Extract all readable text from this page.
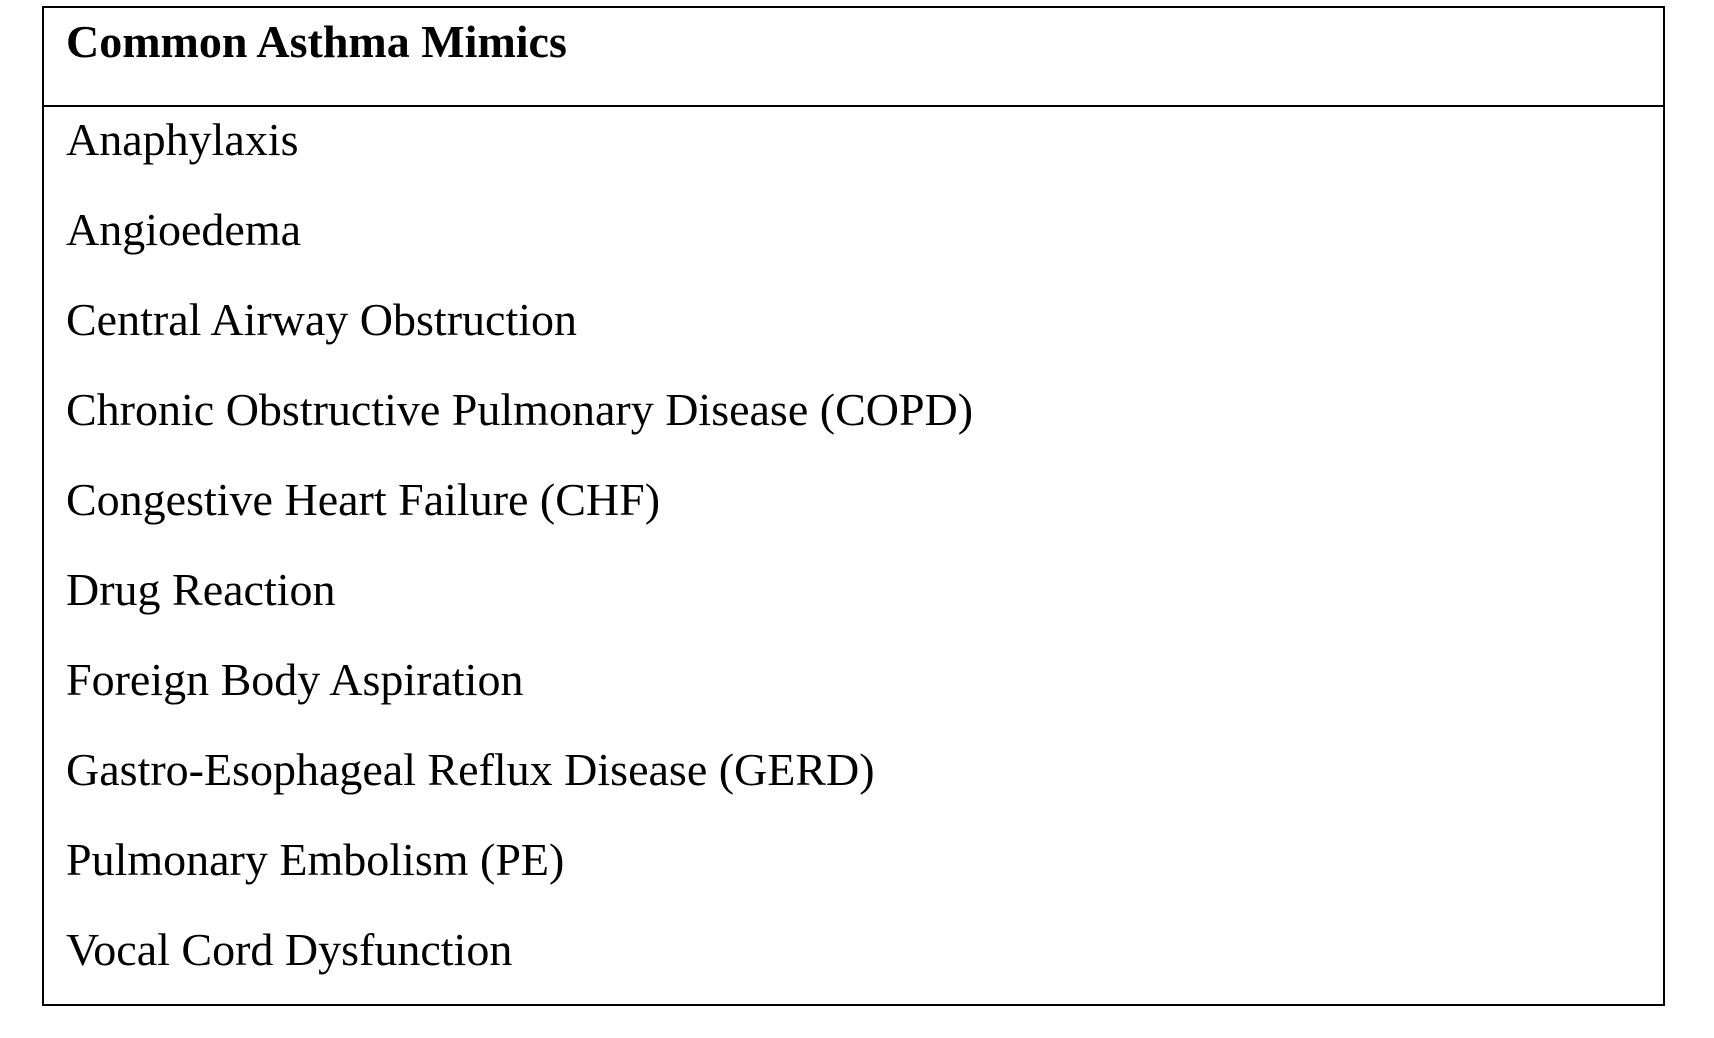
Common Asthma Mimics
Anaphylaxis
Angioedema
Central Airway Obstruction
Chronic Obstructive Pulmonary Disease (COPD)
Congestive Heart Failure (CHF)
Drug Reaction
Foreign Body Aspiration
Gastro-Esophageal Reflux Disease (GERD)
Pulmonary Embolism (PE)
Vocal Cord Dysfunction
